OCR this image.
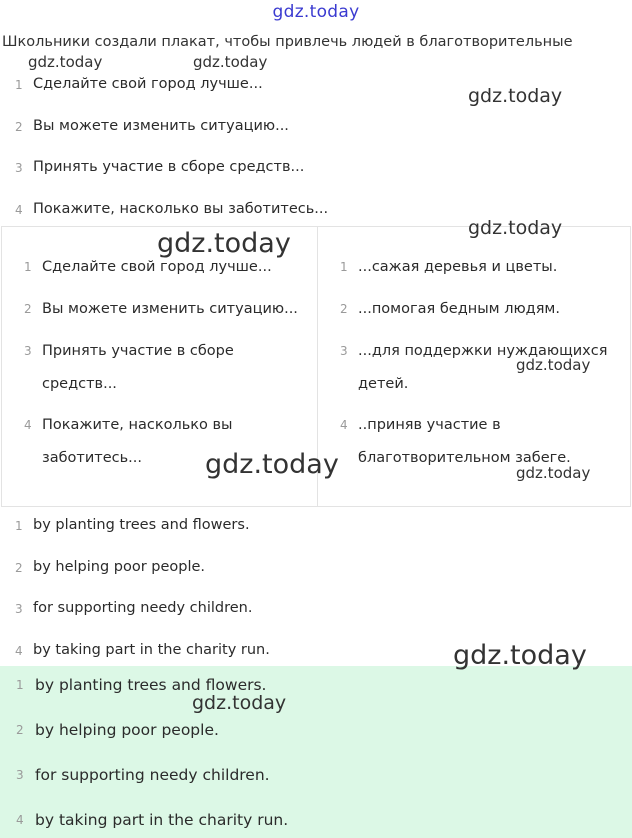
gdz.today
Школьники создали плакат, чтобы привлечь людей в благотворительные
1 Сделайте свой город лучше...
2 Вы можете изменить ситуацию...
3 Принять участие в сборе средств...
4 Покажите, насколько вы заботитесь...
1 Сделайте свой город лучше...
2 Вы можете изменить ситуацию...
3 Принять участие в сборе
средств...
4 Покажите, насколько вы
заботитесь...
1 ...сажая деревья и цветы.
2 ...помогая бедным людям.
3 ...для поддержки нуждающихся
детей.
4 ..приняв участие в
благотворительном забеге.
1 by planting trees and flowers.
2 by helping poor people.
3 for supporting needy children.
4 by taking part in the charity run.
1 by planting trees and flowers.
2 by helping poor people.
3 for supporting needy children.
4 by taking part in the charity run.
gdz.today	gdz.today
gdz.today
gdz.today
gdz.today
gdz.today
gdz.today	gdz.today
gdz.today
gdz.today
